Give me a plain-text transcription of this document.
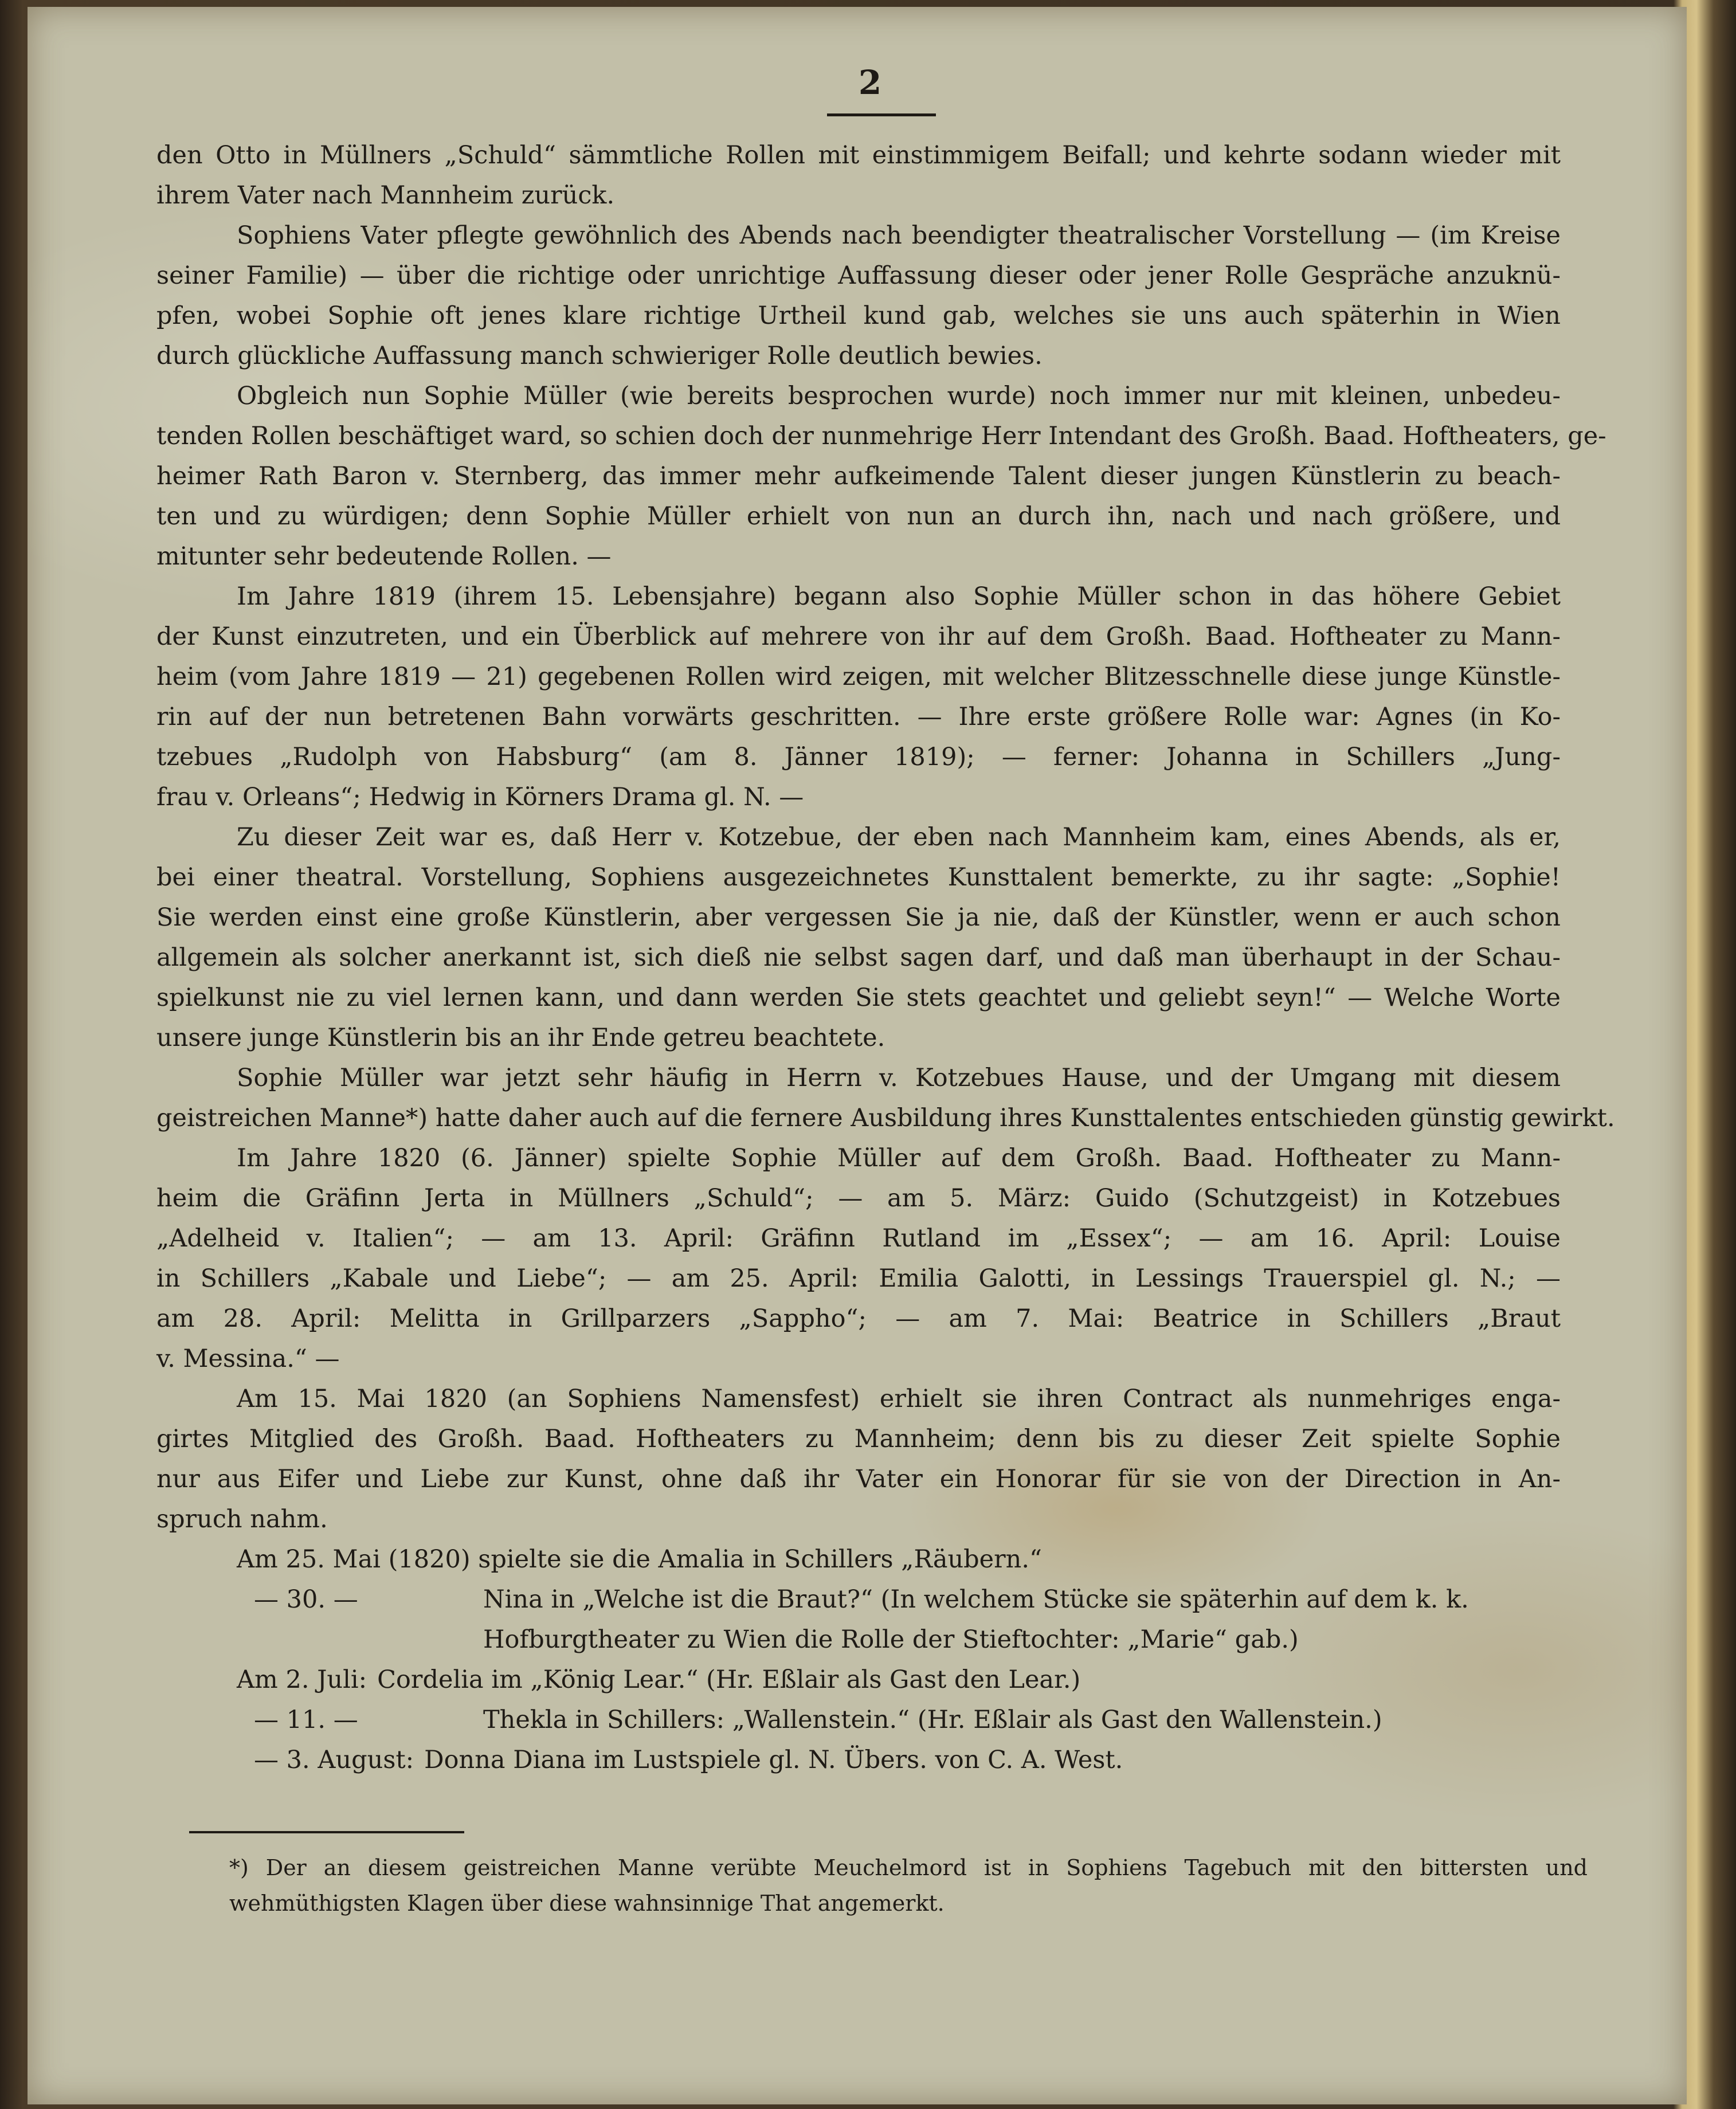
2

den Otto in Müllners „Schuld“ sämmtliche Rollen mit einstimmigem Beifall; und kehrte sodann wieder mit
ihrem Vater nach Mannheim zurück.

Sophiens Vater pflegte gewöhnlich des Abends nach beendigter theatralischer Vorstellung — (im Kreise
seiner Familie) — über die richtige oder unrichtige Auffassung dieser oder jener Rolle Gespräche anzuknü-
pfen, wobei Sophie oft jenes klare richtige Urtheil kund gab, welches sie uns auch späterhin in Wien
durch glückliche Auffassung manch schwieriger Rolle deutlich bewies.

Obgleich nun Sophie Müller (wie bereits besprochen wurde) noch immer nur mit kleinen, unbedeu-
tenden Rollen beschäftiget ward, so schien doch der nunmehrige Herr Intendant des Großh. Baad. Hoftheaters, ge-
heimer Rath Baron v. Sternberg, das immer mehr aufkeimende Talent dieser jungen Künstlerin zu beach-
ten und zu würdigen; denn Sophie Müller erhielt von nun an durch ihn, nach und nach größere, und
mitunter sehr bedeutende Rollen. —

Im Jahre 1819 (ihrem 15. Lebensjahre) begann also Sophie Müller schon in das höhere Gebiet
der Kunst einzutreten, und ein Überblick auf mehrere von ihr auf dem Großh. Baad. Hoftheater zu Mann-
heim (vom Jahre 1819 — 21) gegebenen Rollen wird zeigen, mit welcher Blitzesschnelle diese junge Künstle-
rin auf der nun betretenen Bahn vorwärts geschritten. — Ihre erste größere Rolle war: Agnes (in Ko-
tzebues „Rudolph von Habsburg“ (am 8. Jänner 1819); — ferner: Johanna in Schillers „Jung-
frau v. Orleans“; Hedwig in Körners Drama gl. N. —

Zu dieser Zeit war es, daß Herr v. Kotzebue, der eben nach Mannheim kam, eines Abends, als er,
bei einer theatral. Vorstellung, Sophiens ausgezeichnetes Kunsttalent bemerkte, zu ihr sagte: „Sophie!
Sie werden einst eine große Künstlerin, aber vergessen Sie ja nie, daß der Künstler, wenn er auch schon
allgemein als solcher anerkannt ist, sich dieß nie selbst sagen darf, und daß man überhaupt in der Schau-
spielkunst nie zu viel lernen kann, und dann werden Sie stets geachtet und geliebt seyn!“ — Welche Worte
unsere junge Künstlerin bis an ihr Ende getreu beachtete.

Sophie Müller war jetzt sehr häufig in Herrn v. Kotzebues Hause, und der Umgang mit diesem
geistreichen Manne*) hatte daher auch auf die fernere Ausbildung ihres Kunsttalentes entschieden günstig gewirkt.

Im Jahre 1820 (6. Jänner) spielte Sophie Müller auf dem Großh. Baad. Hoftheater zu Mann-
heim die Gräfinn Jerta in Müllners „Schuld“; — am 5. März: Guido (Schutzgeist) in Kotzebues
„Adelheid v. Italien“; — am 13. April: Gräfinn Rutland im „Essex“; — am 16. April: Louise
in Schillers „Kabale und Liebe“; — am 25. April: Emilia Galotti, in Lessings Trauerspiel gl. N.; —
am 28. April: Melitta in Grillparzers „Sappho“; — am 7. Mai: Beatrice in Schillers „Braut
v. Messina.“ —

Am 15. Mai 1820 (an Sophiens Namensfest) erhielt sie ihren Contract als nunmehriges enga-
girtes Mitglied des Großh. Baad. Hoftheaters zu Mannheim; denn bis zu dieser Zeit spielte Sophie
nur aus Eifer und Liebe zur Kunst, ohne daß ihr Vater ein Honorar für sie von der Direction in An-
spruch nahm.

Am 25. Mai (1820) spielte sie die Amalia in Schillers „Räubern.“
— 30. —	Nina in „Welche ist die Braut?“ (In welchem Stücke sie späterhin auf dem k. k.
Hofburgtheater zu Wien die Rolle der Stieftochter: „Marie“ gab.)
Am 2. Juli: Cordelia im „König Lear.“ (Hr. Eßlair als Gast den Lear.)
— 11. —	Thekla in Schillers: „Wallenstein.“ (Hr. Eßlair als Gast den Wallenstein.)
— 3. August: Donna Diana im Lustspiele gl. N. Übers. von C. A. West.
*) Der an diesem geistreichen Manne verübte Meuchelmord ist in Sophiens Tagebuch mit den bittersten und
wehmüthigsten Klagen über diese wahnsinnige That angemerkt.
